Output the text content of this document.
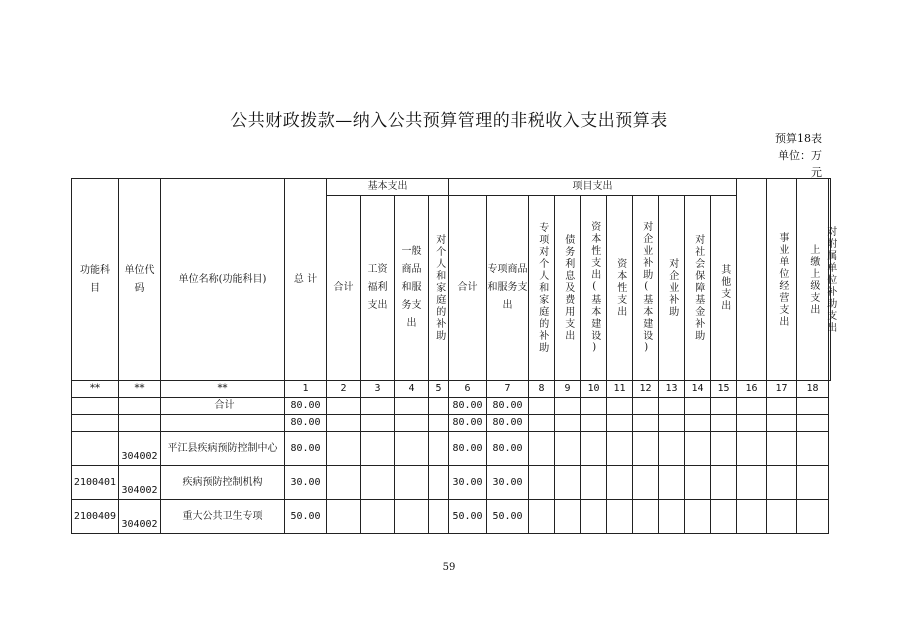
公共财政拨款—纳入公共预算管理的非税收入支出预算表
预算18表
单位：万
元
功能科目	单位代码	单位名称(功能科目)	总 计	基本支出				项目支出											事业单位经营支出	上缴上级支出	对附属单位补助支出

				合计	工资福利支出	一般商品和服务支出	对个人和家庭的补助	合计	专项商品和服务支出	专项对个人和家庭的补助	债务利息及费用支出	资本性支出(基本建设)	资本性支出	对企业补助(基本建设)	对企业补助	对社会保障基金补助	其他支出				

**	**	**	1	2	3	4	5	6	7	8	9	10	11	12	13	14	15	16	17	18	
		合计	80.00					80.00	80.00												
			80.00					80.00	80.00												
	304002	平江县疾病预防控制中心	80.00					80.00	80.00												
2100401	304002	疾病预防控制机构	30.00					30.00	30.00												
2100409	304002	重大公共卫生专项	50.00					50.00	50.00												
59
